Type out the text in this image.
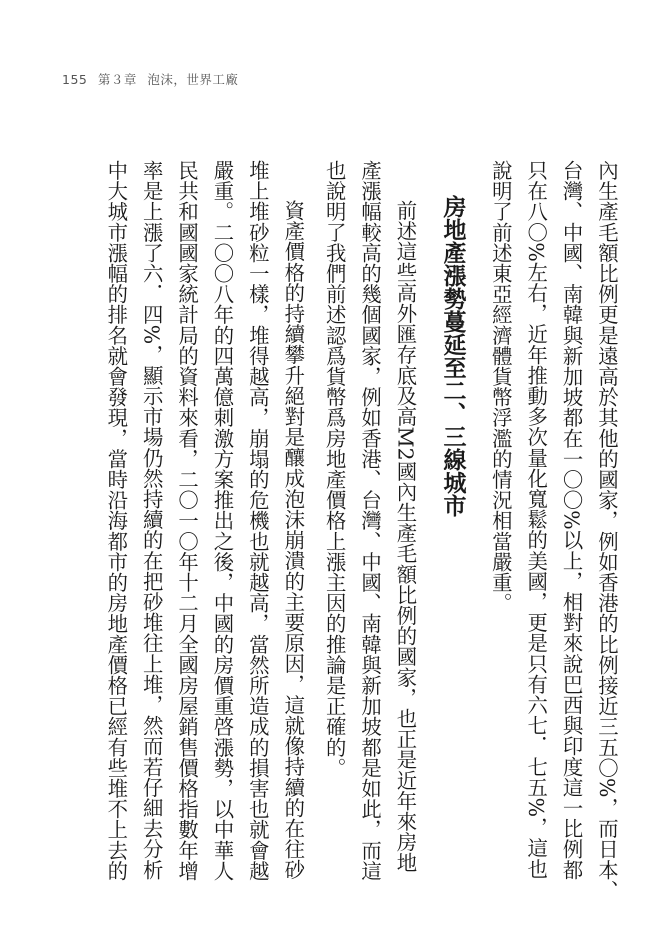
155 第３章 泡沫，世界工廠
內生產毛額比例更是遠高於其他的國家，例如香港的比例接近三五〇%，而日本、
台灣、中國、南韓與新加坡都在一〇〇%以上，相對來說巴西與印度這一比例都
只在八〇%左右，近年推動多次量化寬鬆的美國，更是只有六七．七五%，這也
說明了前述東亞經濟體貨幣浮濫的情況相當嚴重。
房地產漲勢蔓延至二、三線城市
前述這些高外匯存底及高M2國內生產毛額比例的國家，也正是近年來房地
產漲幅較高的幾個國家，例如香港、台灣、中國、南韓與新加坡都是如此，而這
也說明了我們前述認爲貨幣爲房地產價格上漲主因的推論是正確的。
資產價格的持續攀升絕對是釀成泡沫崩潰的主要原因，這就像持續的在往砂
堆上堆砂粒一樣，堆得越高，崩塌的危機也就越高，當然所造成的損害也就會越
嚴重。二〇〇八年的四萬億刺激方案推出之後，中國的房價重啓漲勢，以中華人
民共和國國家統計局的資料來看，二〇一〇年十二月全國房屋銷售價格指數年增
率是上漲了六．四%，顯示市場仍然持續的在把砂堆往上堆，然而若仔細去分析
中大城市漲幅的排名就會發現，當時沿海都市的房地產價格已經有些堆不上去的
